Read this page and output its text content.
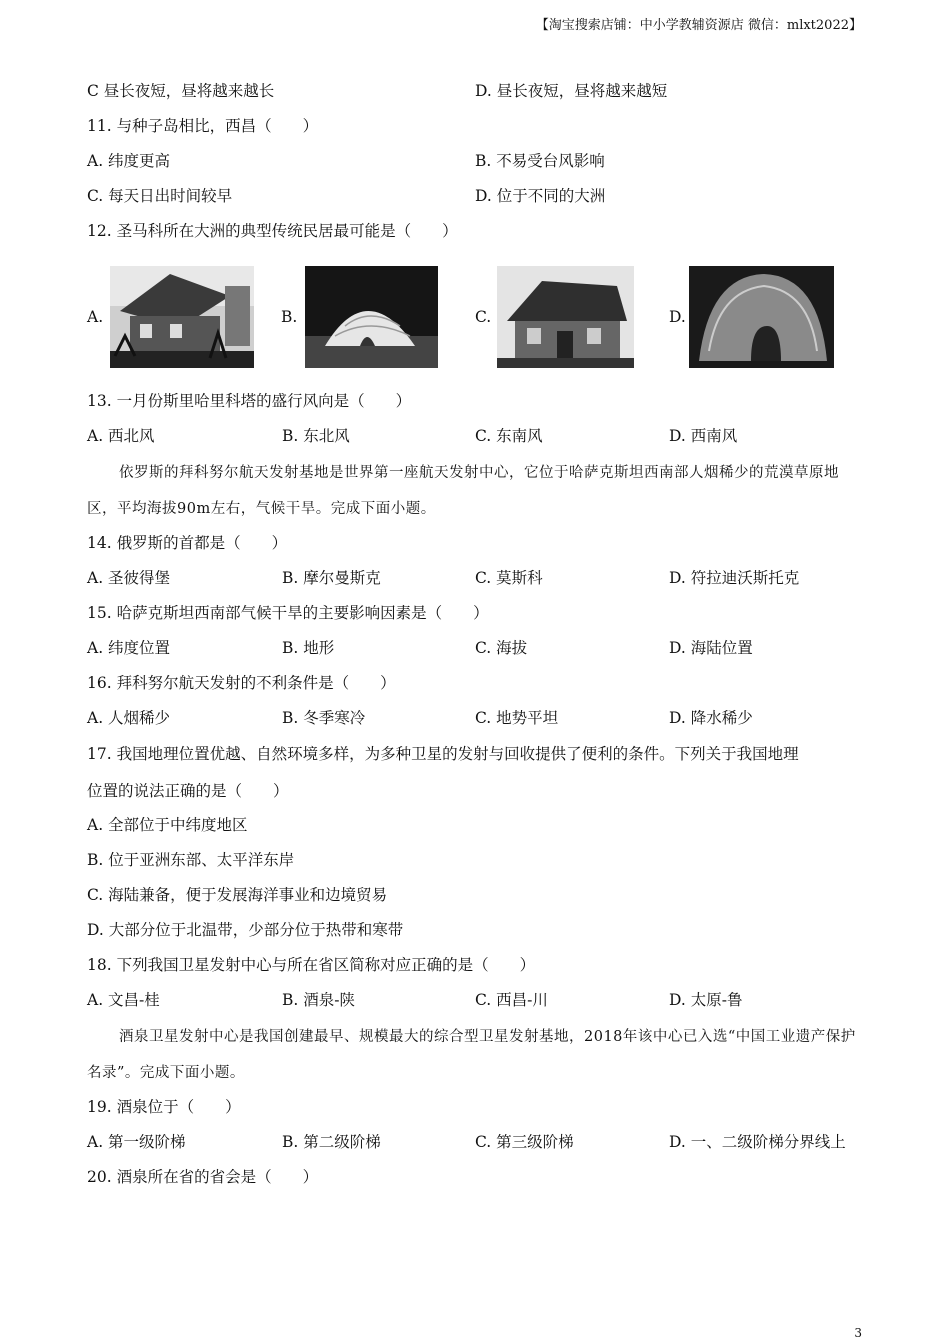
【淘宝搜索店铺：中小学教辅资源店 微信：mlxt2022】
C 昼长夜短，昼将越来越长	D. 昼长夜短，昼将越来越短
11. 与种子岛相比，西昌（　　）
A. 纬度更高	B. 不易受台风影响
C. 每天日出时间较早	D. 位于不同的大洲
12. 圣马科所在大洲的典型传统民居最可能是（　　）
A.	B.	C.	D.
13. 一月份斯里哈里科塔的盛行风向是（　　）
A. 西北风	B. 东北风	C. 东南风	D. 西南风
依罗斯的拜科努尔航天发射基地是世界第一座航天发射中心，它位于哈萨克斯坦西南部人烟稀少的荒漠草原地区，平均海拔90m左右，气候干旱。完成下面小题。
14. 俄罗斯的首都是（　　）
A. 圣彼得堡	B. 摩尔曼斯克	C. 莫斯科	D. 符拉迪沃斯托克
15. 哈萨克斯坦西南部气候干旱的主要影响因素是（　　）
A. 纬度位置	B. 地形	C. 海拔	D. 海陆位置
16. 拜科努尔航天发射的不利条件是（　　）
A. 人烟稀少	B. 冬季寒冷	C. 地势平坦	D. 降水稀少
17. 我国地理位置优越、自然环境多样，为多种卫星的发射与回收提供了便利的条件。下列关于我国地理
位置的说法正确的是（　　）
A. 全部位于中纬度地区
B. 位于亚洲东部、太平洋东岸
C. 海陆兼备，便于发展海洋事业和边境贸易
D. 大部分位于北温带，少部分位于热带和寒带
18. 下列我国卫星发射中心与所在省区简称对应正确的是（　　）
A. 文昌-桂	B. 酒泉-陕	C. 西昌-川	D. 太原-鲁
酒泉卫星发射中心是我国创建最早、规模最大的综合型卫星发射基地，2018年该中心已入选“中国工业遗产保护名录”。完成下面小题。
19. 酒泉位于（　　）
A. 第一级阶梯	B. 第二级阶梯	C. 第三级阶梯	D. 一、二级阶梯分界线上
20. 酒泉所在省的省会是（　　）
3
